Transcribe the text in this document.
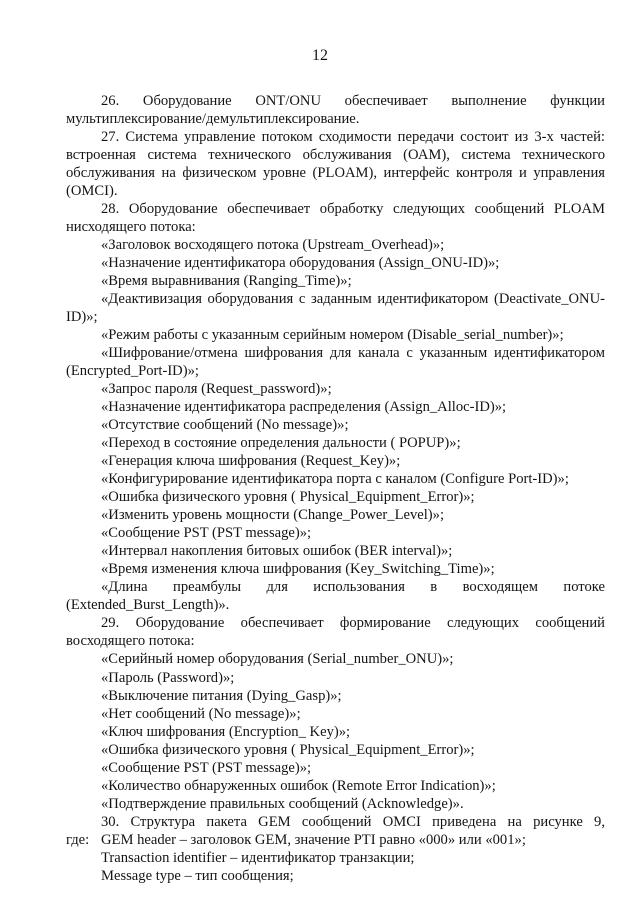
12

26. Оборудование ONT/ONU обеспечивает выполнение функции

мультиплексирование/демультиплексирование.

27. Система управление потоком сходимости передачи состоит из 3-х частей: встроенная система технического обслуживания (ОАМ), система технического обслуживания на физическом уровне (PLOAM), интерфейс контроля и управления (OMCI).

28. Оборудование обеспечивает обработку следующих сообщений PLOAM нисходящего потока:

«Заголовок восходящего потока (Upstream_Overhead)»;

«Назначение идентификатора оборудования (Assign_ONU-ID)»;

«Время выравнивания (Ranging_Time)»;

«Деактивизация оборудования с заданным идентификатором (Deactivate_ONU-ID)»;

«Режим работы с указанным серийным номером (Disable_serial_number)»;

«Шифрование/отмена шифрования для канала с указанным идентификатором (Encrypted_Port-ID)»;

«Запрос пароля (Request_password)»;

«Назначение идентификатора распределения (Assign_Alloc-ID)»;

«Отсутствие сообщений (No message)»;

«Переход в состояние определения дальности ( POPUP)»;

«Генерация ключа шифрования (Request_Key)»;

«Конфигурирование идентификатора порта с каналом (Configure Port-ID)»;

«Ошибка физического уровня ( Physical_Equipment_Error)»;

«Изменить уровень мощности (Change_Power_Level)»;

«Сообщение PST (PST message)»;

«Интервал накопления битовых ошибок (BER interval)»;

«Время изменения ключа шифрования (Key_Switching_Time)»;

«Длина преамбулы для использования в восходящем потоке (Extended_Burst_Length)».

29. Оборудование обеспечивает формирование следующих сообщений восходящего потока:

«Серийный номер оборудования (Serial_number_ONU)»;

«Пароль (Password)»;

«Выключение питания (Dying_Gasp)»;

«Нет сообщений (No message)»;

«Ключ шифрования (Encryption_ Key)»;

«Ошибка физического уровня ( Physical_Equipment_Error)»;

«Сообщение PST (PST message)»;

«Количество обнаруженных ошибок (Remote Error Indication)»;

«Подтверждение правильных сообщений (Acknowledge)».

30. Структура пакета GEM сообщений OMCI приведена на рисунке 9,

где: GEM header – заголовок GEM, значение PTI равно «000» или «001»;

Transaction identifier – идентификатор транзакции;

Message type – тип сообщения;
